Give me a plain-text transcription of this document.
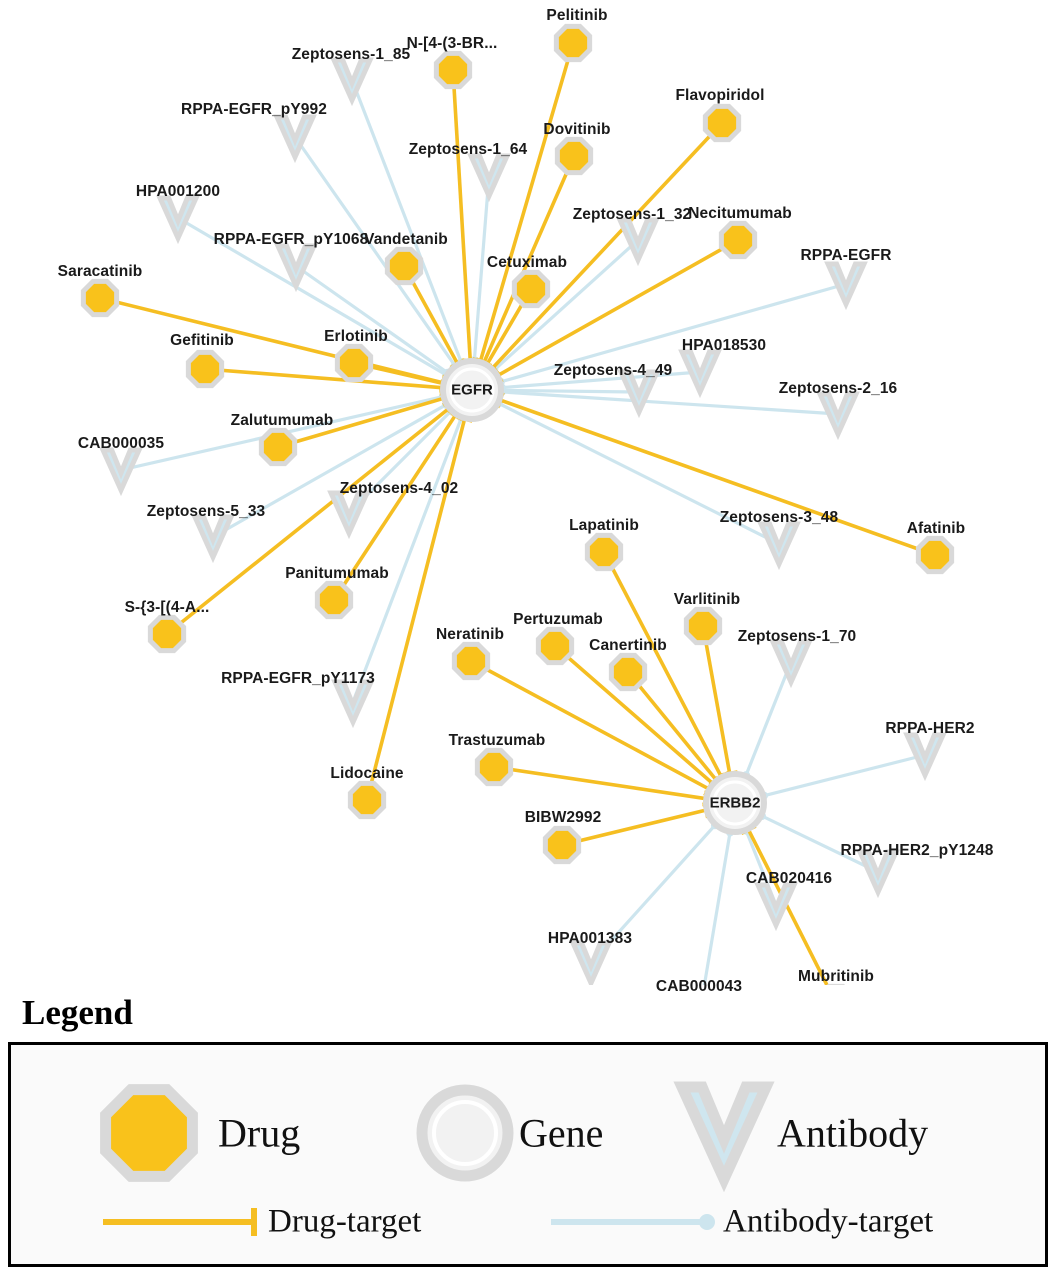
Zeptosens-1_85
RPPA-EGFR_pY992
Zeptosens-1_64
HPA001200
Zeptosens-1_32
RPPA-EGFR_pY1068
RPPA-EGFR
HPA018530
Zeptosens-4_49
Zeptosens-2_16
CAB000035
Zeptosens-5_33
Zeptosens-4_02
Zeptosens-3_48
Zeptosens-1_70
RPPA-EGFR_pY1173
RPPA-HER2
RPPA-HER2_pY1248
CAB020416
HPA001383
CAB000043
Pelitinib
N-[4-(3-BR...
Flavopiridol
Dovitinib
Necitumumab
Vandetanib
Cetuximab
Saracatinib
Erlotinib
Gefitinib
Zalutumumab
Afatinib
Lapatinib
Panitumumab
Varlitinib
S-{3-[(4-A...
Pertuzumab
Neratinib
Canertinib
Trastuzumab
Lidocaine
BIBW2992
Mubritinib
EGFR
ERBB2
Legend
Drug	Gene	Antibody
Drug-target	Antibody-target
